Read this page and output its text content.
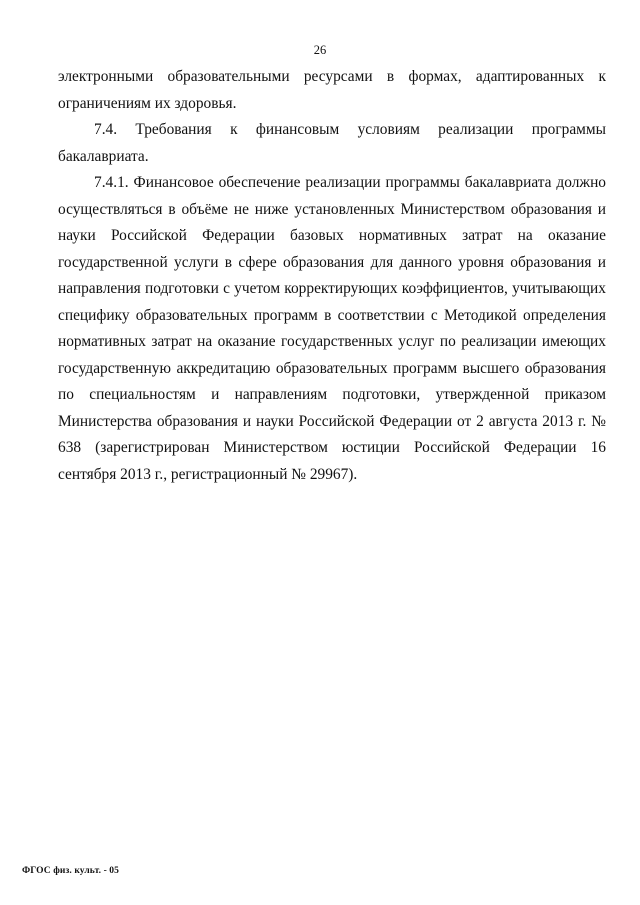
26

электронными образовательными ресурсами в формах, адаптированных к ограничениям их здоровья.

7.4. Требования к финансовым условиям реализации программы бакалавриата.

7.4.1. Финансовое обеспечение реализации программы бакалавриата должно осуществляться в объёме не ниже установленных Министерством образования и науки Российской Федерации базовых нормативных затрат на оказание государственной услуги в сфере образования для данного уровня образования и направления подготовки с учетом корректирующих коэффициентов, учитывающих специфику образовательных программ в соответствии с Методикой определения нормативных затрат на оказание государственных услуг по реализации имеющих государственную аккредитацию образовательных программ высшего образования по специальностям и направлениям подготовки, утвержденной приказом Министерства образования и науки Российской Федерации от 2 августа 2013 г. № 638 (зарегистрирован Министерством юстиции Российской Федерации 16 сентября 2013 г., регистрационный № 29967).

ФГОС физ. культ. - 05
